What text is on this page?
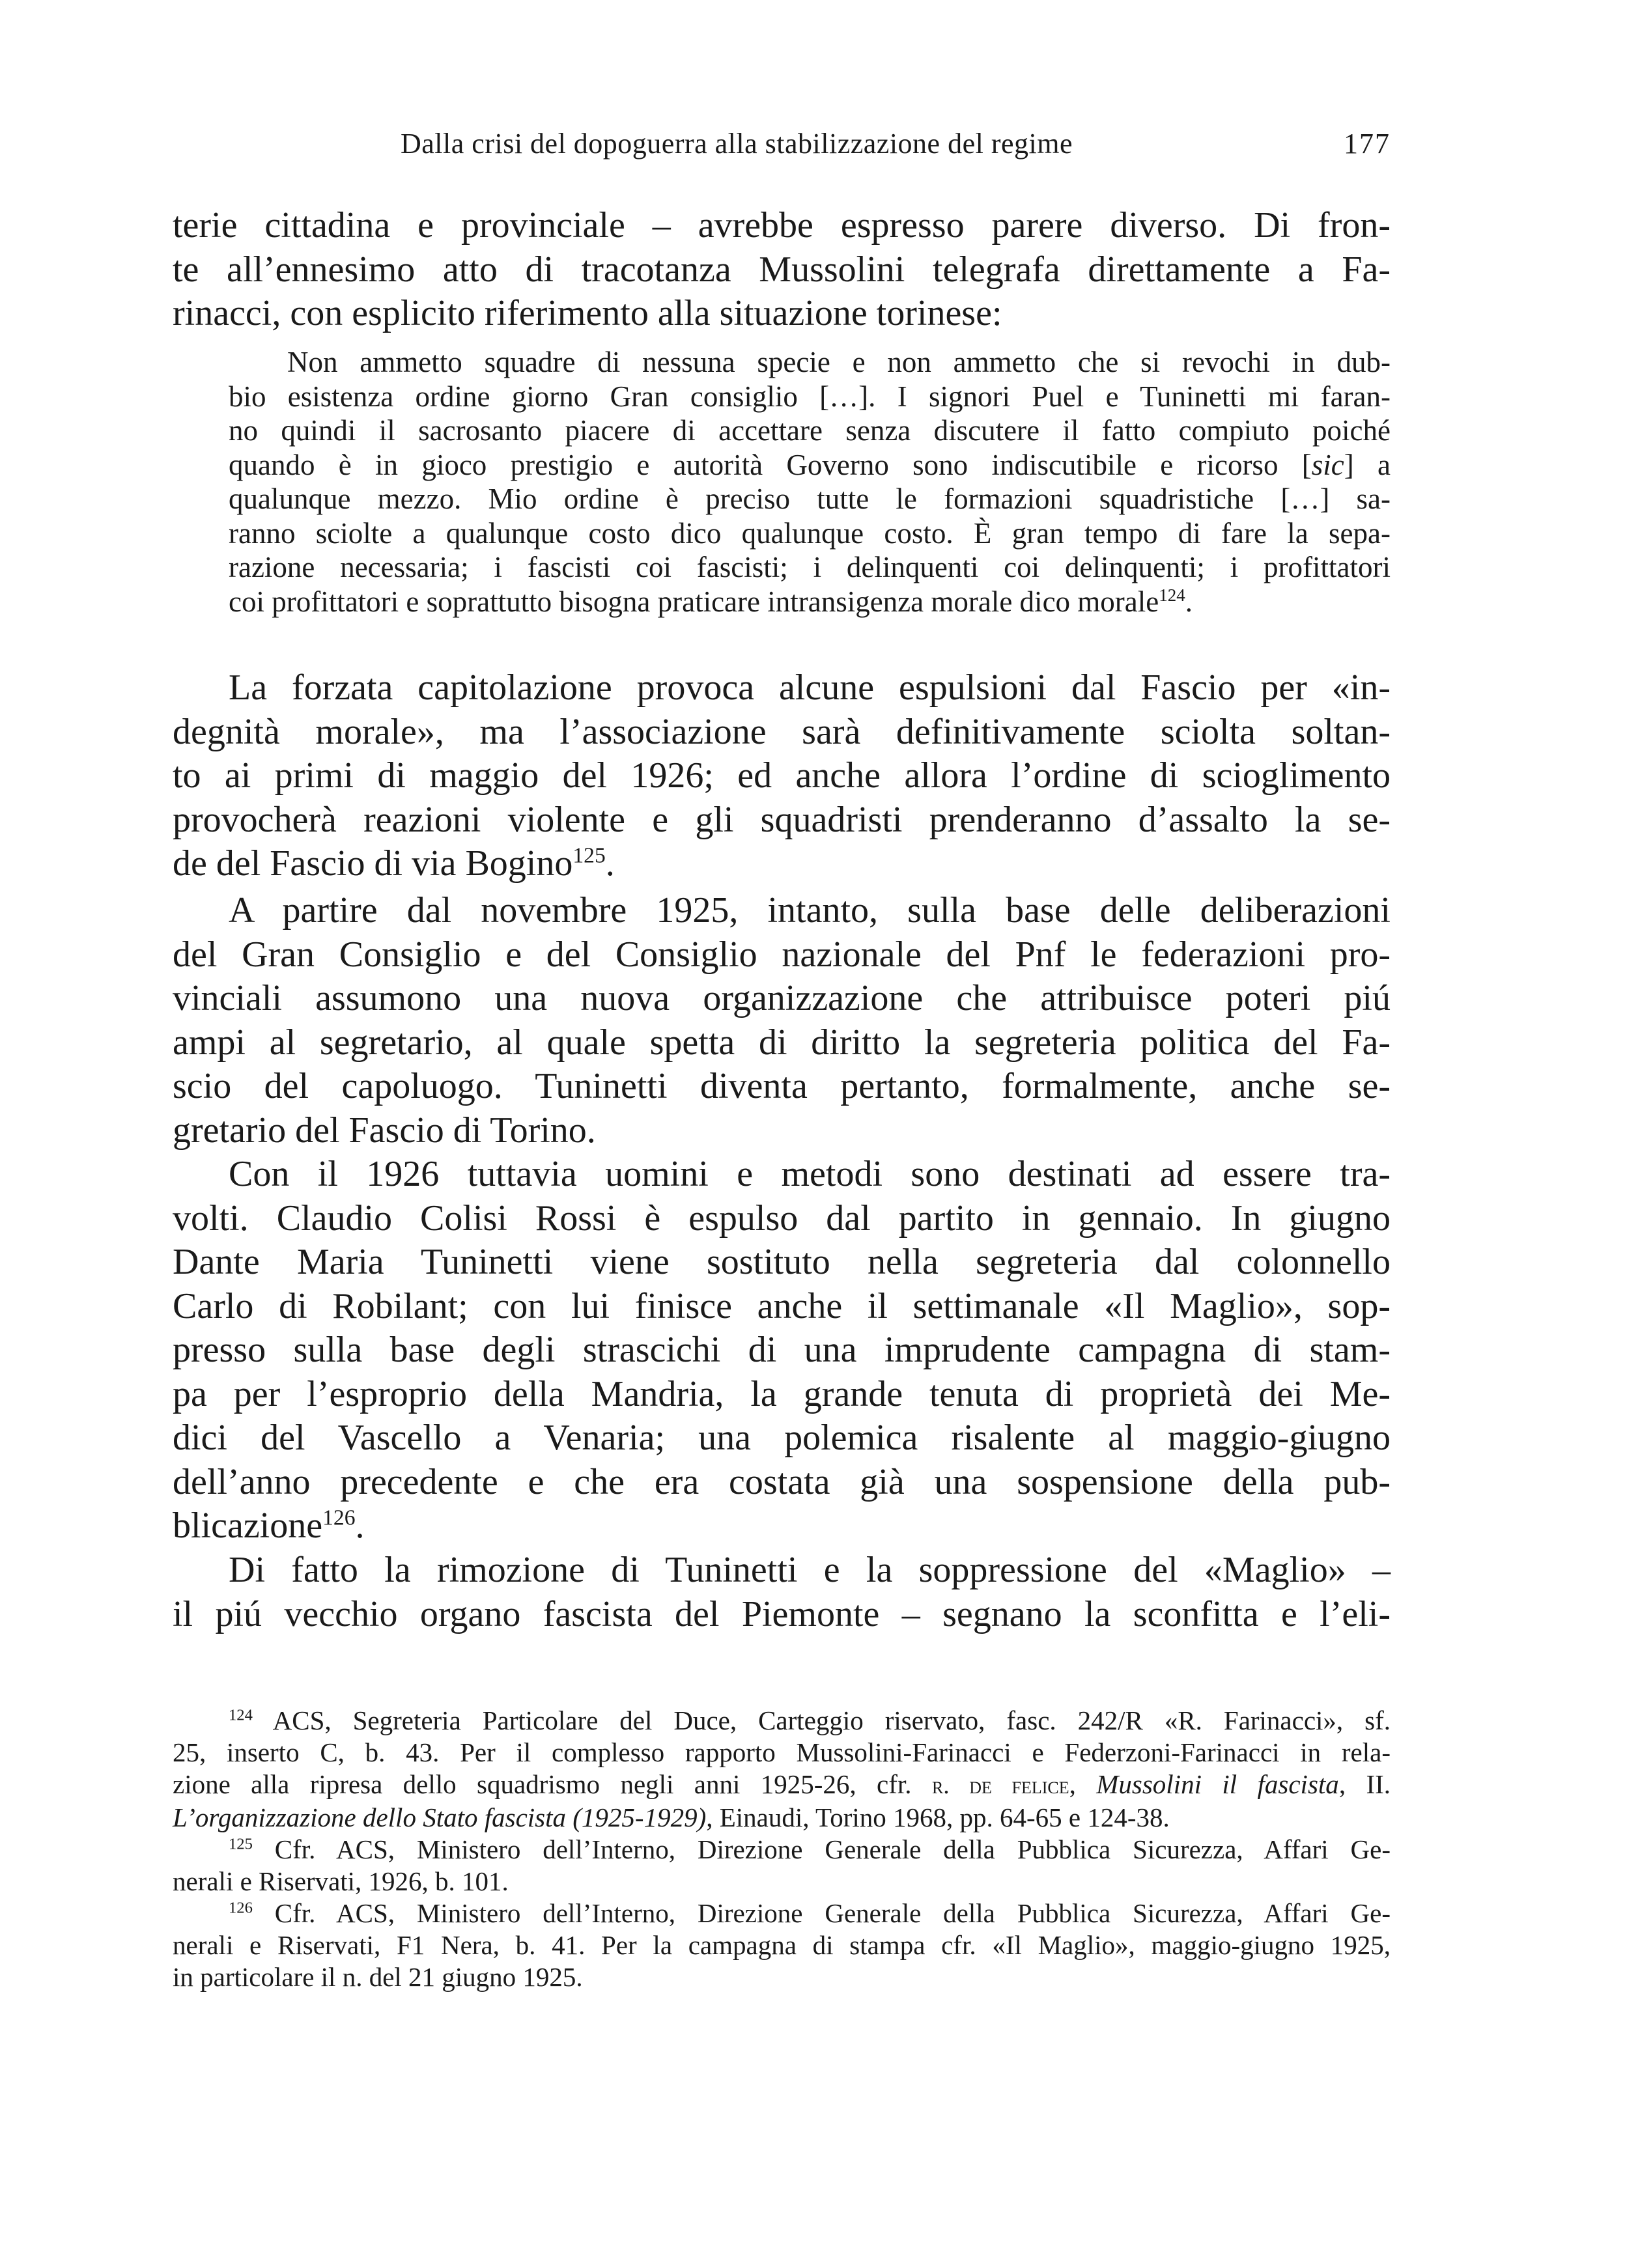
Dalla crisi del dopoguerra alla stabilizzazione del regime	177
terie cittadina e provinciale – avrebbe espresso parere diverso. Di fron-
te all’ennesimo atto di tracotanza Mussolini telegrafa direttamente a Fa-
rinacci, con esplicito riferimento alla situazione torinese:
Non ammetto squadre di nessuna specie e non ammetto che si revochi in dub-
bio esistenza ordine giorno Gran consiglio […]. I signori Puel e Tuninetti mi faran-
no quindi il sacrosanto piacere di accettare senza discutere il fatto compiuto poiché
quando è in gioco prestigio e autorità Governo sono indiscutibile e ricorso [sic] a
qualunque mezzo. Mio ordine è preciso tutte le formazioni squadristiche […] sa-
ranno sciolte a qualunque costo dico qualunque costo. È gran tempo di fare la sepa-
razione necessaria; i fascisti coi fascisti; i delinquenti coi delinquenti; i profittatori
coi profittatori e soprattutto bisogna praticare intransigenza morale dico morale$^{124}$.
La forzata capitolazione provoca alcune espulsioni dal Fascio per «in-
degnità morale», ma l’associazione sarà definitivamente sciolta soltan-
to ai primi di maggio del 1926; ed anche allora l’ordine di scioglimento
provocherà reazioni violente e gli squadristi prenderanno d’assalto la se-
de del Fascio di via Bogino$^{125}$.
A partire dal novembre 1925, intanto, sulla base delle deliberazioni
del Gran Consiglio e del Consiglio nazionale del Pnf le federazioni pro-
vinciali assumono una nuova organizzazione che attribuisce poteri piú
ampi al segretario, al quale spetta di diritto la segreteria politica del Fa-
scio del capoluogo. Tuninetti diventa pertanto, formalmente, anche se-
gretario del Fascio di Torino.
Con il 1926 tuttavia uomini e metodi sono destinati ad essere tra-
volti. Claudio Colisi Rossi è espulso dal partito in gennaio. In giugno
Dante Maria Tuninetti viene sostituto nella segreteria dal colonnello
Carlo di Robilant; con lui finisce anche il settimanale «Il Maglio», sop-
presso sulla base degli strascichi di una imprudente campagna di stam-
pa per l’esproprio della Mandria, la grande tenuta di proprietà dei Me-
dici del Vascello a Venaria; una polemica risalente al maggio-giugno
dell’anno precedente e che era costata già una sospensione della pub-
blicazione$^{126}$.
Di fatto la rimozione di Tuninetti e la soppressione del «Maglio» –
il piú vecchio organo fascista del Piemonte – segnano la sconfitta e l’eli-
$^{124}$ ACS, Segreteria Particolare del Duce, Carteggio riservato, fasc. 242/R «R. Farinacci», sf.
25, inserto C, b. 43. Per il complesso rapporto Mussolini-Farinacci e Federzoni-Farinacci in rela-
zione alla ripresa dello squadrismo negli anni 1925-26, cfr. r. de felice, Mussolini il fascista, II.
L’organizzazione dello Stato fascista (1925-1929), Einaudi, Torino 1968, pp. 64-65 e 124-38.
$^{125}$ Cfr. ACS, Ministero dell’Interno, Direzione Generale della Pubblica Sicurezza, Affari Ge-
nerali e Riservati, 1926, b. 101.
$^{126}$ Cfr. ACS, Ministero dell’Interno, Direzione Generale della Pubblica Sicurezza, Affari Ge-
nerali e Riservati, F1 Nera, b. 41. Per la campagna di stampa cfr. «Il Maglio», maggio-giugno 1925,
in particolare il n. del 21 giugno 1925.
